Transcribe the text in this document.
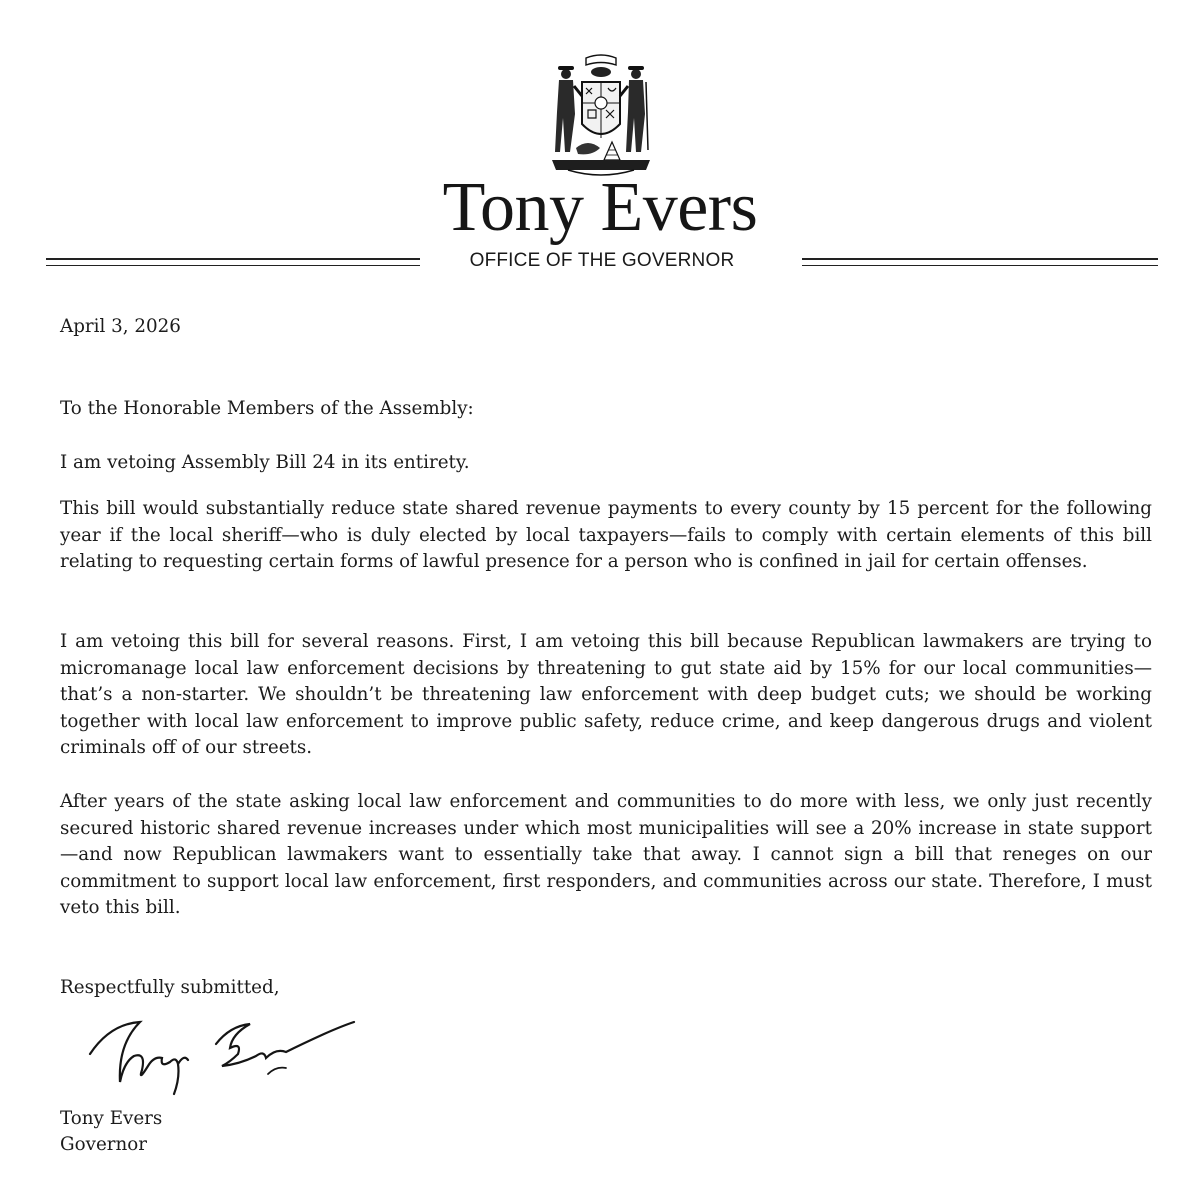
Tony Evers
OFFICE OF THE GOVERNOR

April 3, 2026

To the Honorable Members of the Assembly:

I am vetoing Assembly Bill 24 in its entirety.

This bill would substantially reduce state shared revenue payments to every county by 15 percent for the following year if the local sheriff—who is duly elected by local taxpayers—fails to comply with certain elements of this bill relating to requesting certain forms of lawful presence for a person who is confined in jail for certain offenses.

I am vetoing this bill for several reasons. First, I am vetoing this bill because Republican lawmakers are trying to micromanage local law enforcement decisions by threatening to gut state aid by 15% for our local communities—that’s a non-starter. We shouldn’t be threatening law enforcement with deep budget cuts; we should be working together with local law enforcement to improve public safety, reduce crime, and keep dangerous drugs and violent criminals off of our streets.

After years of the state asking local law enforcement and communities to do more with less, we only just recently secured historic shared revenue increases under which most municipalities will see a 20% increase in state support—and now Republican lawmakers want to essentially take that away. I cannot sign a bill that reneges on our commitment to support local law enforcement, first responders, and communities across our state. Therefore, I must veto this bill.

Respectfully submitted,

Tony Evers

Governor
